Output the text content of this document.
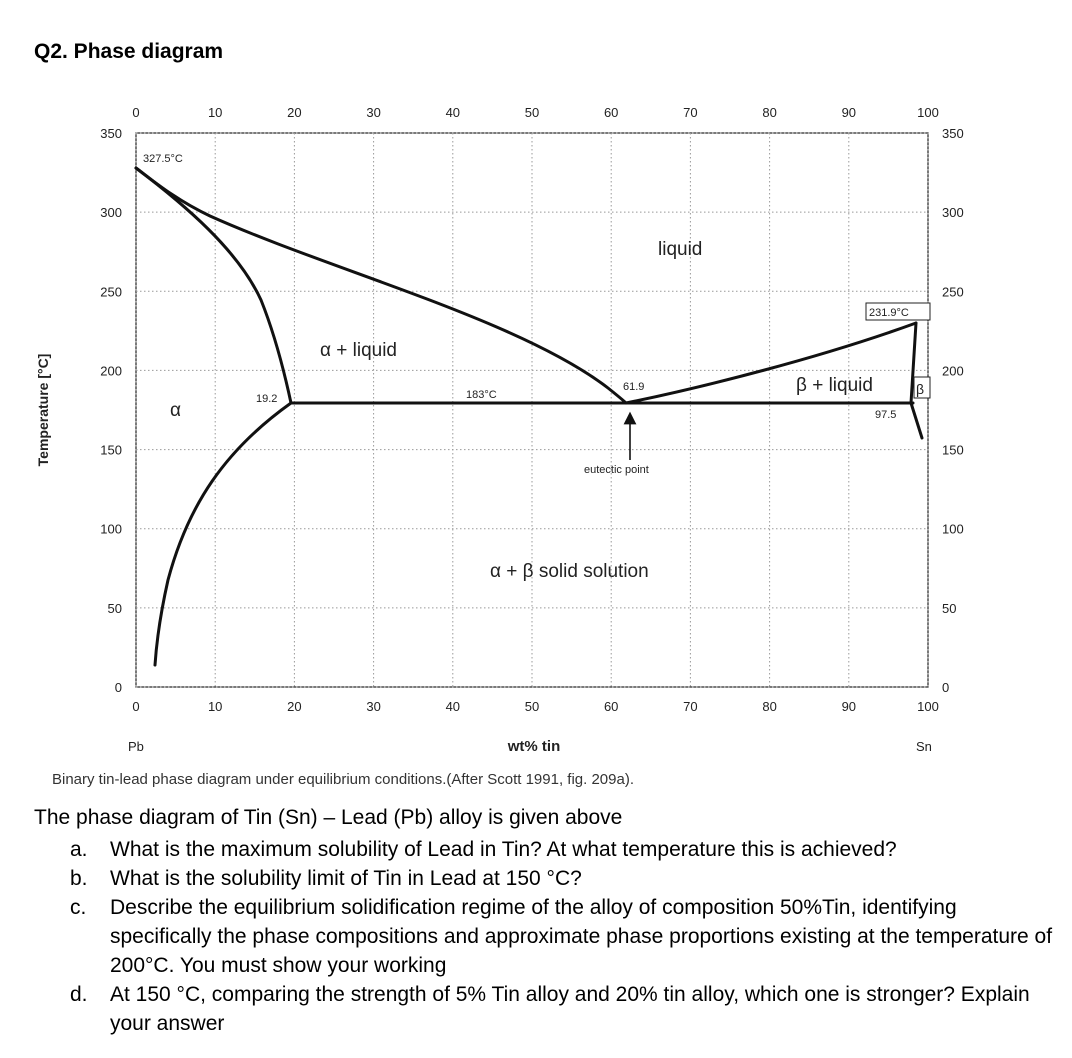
Q2. Phase diagram
0
0
10
10
20
20
30
30
40
40
50
50
60
60
70
70
80
80
90
90
100
100
0	0
50	50
100	100
150	150
200	200
250	250
300	300
350	350
Temperature [°C]
wt% tin
Pb	Sn
327.5°C
231.9°C
183°C
19.2
61.9
97.5
eutectic point
liquid
α + liquid
β + liquid
α
β
α + β solid solution
Binary tin-lead phase diagram under equilibrium conditions.(After Scott 1991, fig. 209a).
The phase diagram of Tin (Sn) – Lead (Pb) alloy is given above
a. What is the maximum solubility of Lead in Tin? At what temperature this is achieved?
b. What is the solubility limit of Tin in Lead at 150 °C?
c. Describe the equilibrium solidification regime of the alloy of composition 50%Tin, identifying specifically the phase compositions and approximate phase proportions existing at the temperature of 200°C. You must show your working
d. At 150 °C, comparing the strength of 5% Tin alloy and 20% tin alloy, which one is stronger? Explain your answer
